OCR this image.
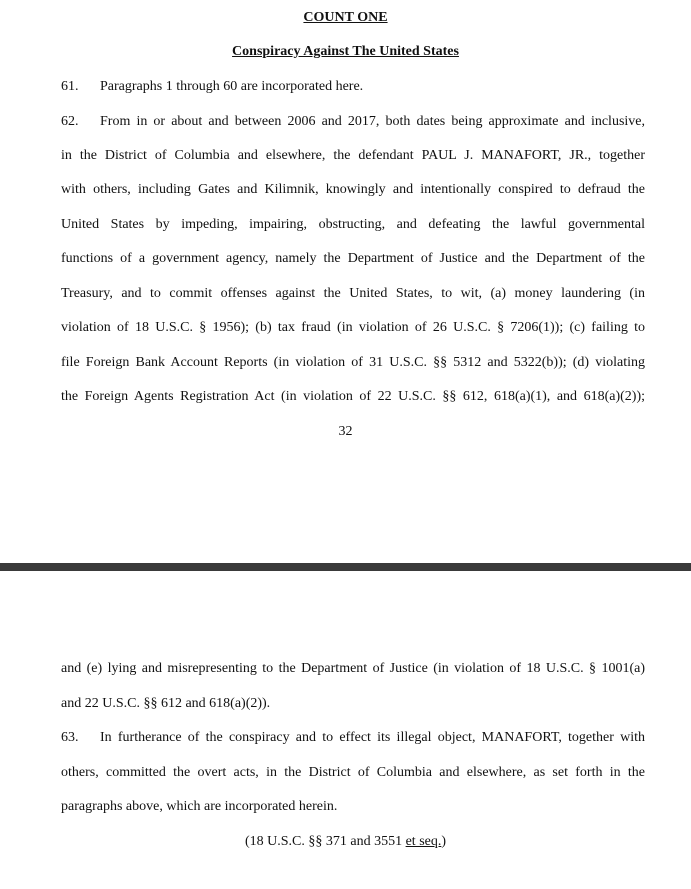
COUNT ONE
Conspiracy Against The United States
61. Paragraphs 1 through 60 are incorporated here.
62. From in or about and between 2006 and 2017, both dates being approximate and inclusive,
in the District of Columbia and elsewhere, the defendant PAUL J. MANAFORT, JR., together
with others, including Gates and Kilimnik, knowingly and intentionally conspired to defraud the
United States by impeding, impairing, obstructing, and defeating the lawful governmental
functions of a government agency, namely the Department of Justice and the Department of the
Treasury, and to commit offenses against the United States, to wit, (a) money laundering (in
violation of 18 U.S.C. § 1956); (b) tax fraud (in violation of 26 U.S.C. § 7206(1)); (c) failing to
file Foreign Bank Account Reports (in violation of 31 U.S.C. §§ 5312 and 5322(b)); (d) violating
the Foreign Agents Registration Act (in violation of 22 U.S.C. §§ 612, 618(a)(1), and 618(a)(2));
32
and (e) lying and misrepresenting to the Department of Justice (in violation of 18 U.S.C. § 1001(a)
and 22 U.S.C. §§ 612 and 618(a)(2)).
63. In furtherance of the conspiracy and to effect its illegal object, MANAFORT, together with
others, committed the overt acts, in the District of Columbia and elsewhere, as set forth in the
paragraphs above, which are incorporated herein.
(18 U.S.C. §§ 371 and 3551 et seq.)
